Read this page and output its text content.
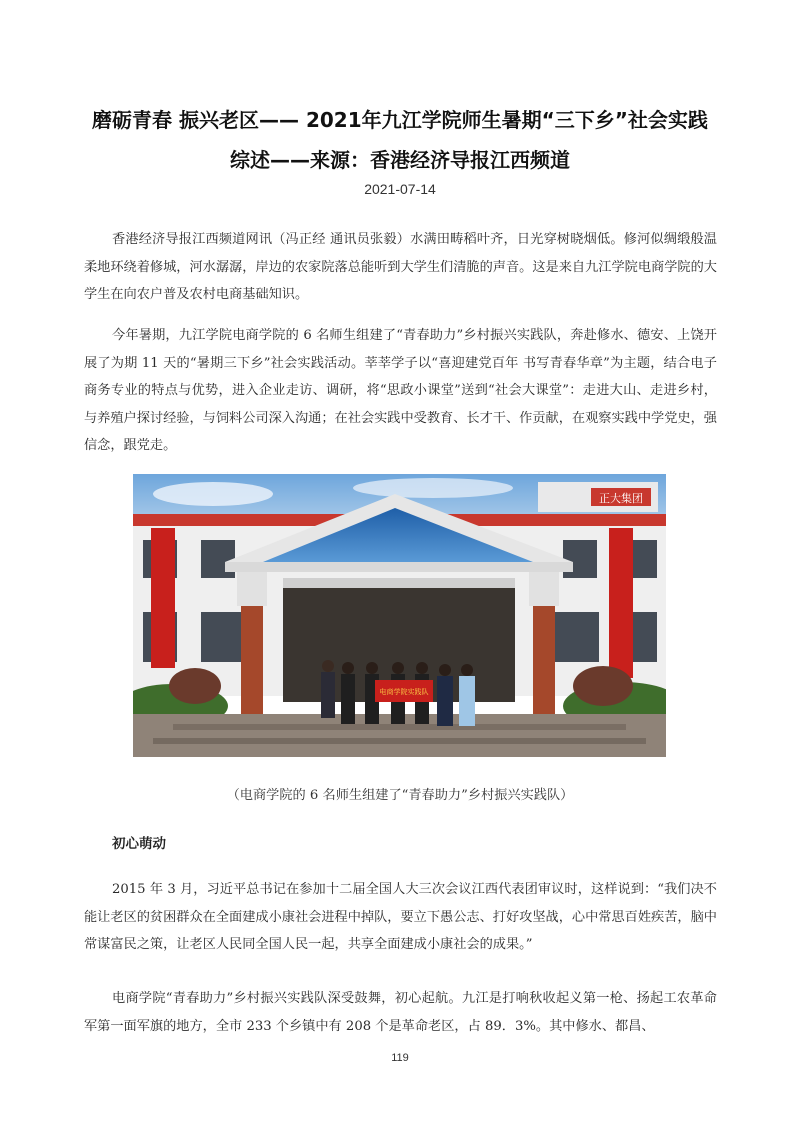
磨砺青春 振兴老区—— 2021年九江学院师生暑期“三下乡”社会实践
综述——来源：香港经济导报江西频道
2021-07-14

香港经济导报江西频道网讯（冯正经 通讯员张毅）水满田畴稻叶齐，日光穿树晓烟低。修河似绸缎般温柔地环绕着修城，河水潺潺，岸边的农家院落总能听到大学生们清脆的声音。这是来自九江学院电商学院的大学生在向农户普及农村电商基础知识。

今年暑期，九江学院电商学院的 6 名师生组建了“青春助力”乡村振兴实践队，奔赴修水、德安、上饶开展了为期 11 天的“暑期三下乡”社会实践活动。莘莘学子以“喜迎建党百年 书写青春华章”为主题，结合电子商务专业的特点与优势，进入企业走访、调研，将“思政小课堂”送到“社会大课堂”：走进大山、走进乡村，与养殖户探讨经验，与饲料公司深入沟通；在社会实践中受教育、长才干、作贡献，在观察实践中学党史，强信念，跟党走。

正大集团
电商学院实践队
（电商学院的 6 名师生组建了“青春助力”乡村振兴实践队）
初心萌动

2015 年 3 月，习近平总书记在参加十二届全国人大三次会议江西代表团审议时，这样说到：“我们决不能让老区的贫困群众在全面建成小康社会进程中掉队，要立下愚公志、打好攻坚战，心中常思百姓疾苦，脑中常谋富民之策，让老区人民同全国人民一起，共享全面建成小康社会的成果。”

电商学院“青春助力”乡村振兴实践队深受鼓舞，初心起航。九江是打响秋收起义第一枪、扬起工农革命军第一面军旗的地方，全市 233 个乡镇中有 208 个是革命老区，占 89．3%。其中修水、都昌、

119
